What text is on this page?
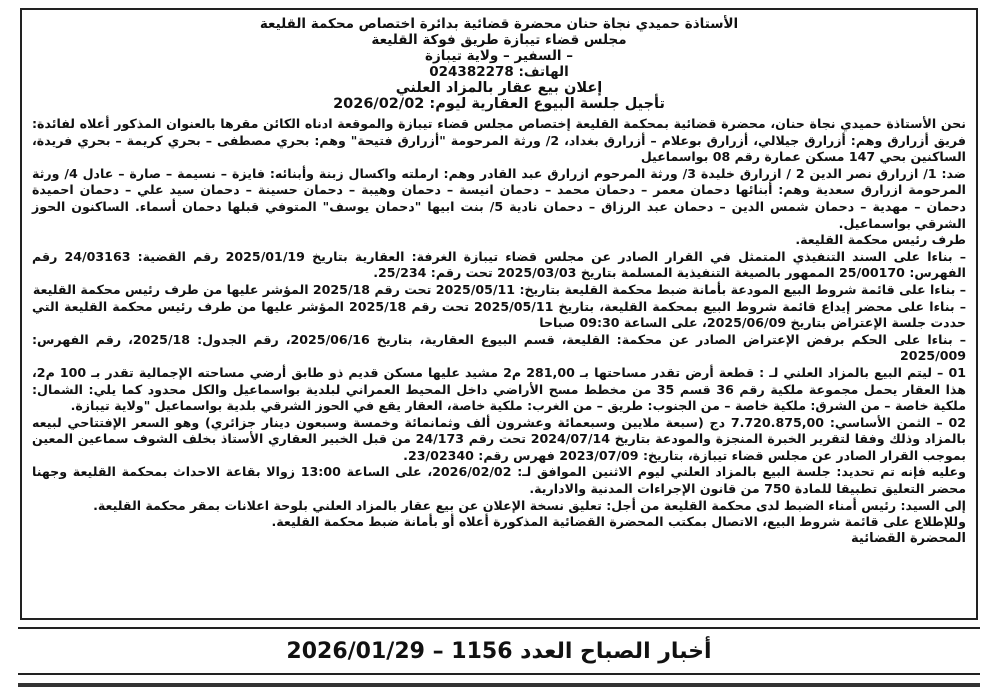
الأستاذة حميدي نجاة حنان محضرة قضائية بدائرة اختصاص محكمة القليعة

مجلس قضاء تيبازة طريق فوكة القليعة

– السفير – ولاية تيبازة

الهاتف: 024382278

إعلان بيع عقار بالمزاد العلني

تأجيل جلسة البيوع العقارية ليوم: 2026/02/02

نحن الأستاذة حميدي نجاة حنان، محضرة قضائية بمحكمة القليعة إختصاص مجلس قضاء تيبازة والموقعة ادناه الكائن مقرها بالعنوان المذكور أعلاه لفائدة: فريق أزرارق وهم: أزرارق جيلالي، أزرارق بوعلام – أزرارق بغداد، 2/ ورثة المرحومة "أزرارق فتيحة" وهم: بحري مصطفى – بحري كريمة – بحري فريدة، الساكنين بحي 147 مسكن عمارة رقم 08 بواسماعيل

ضد: 1/ ازرارق نصر الدين 2 / ازرارق خليدة 3/ ورثة المرحوم ازرارق عبد القادر وهم: ارملته واكسال زبنة وأبنائه: فايزة – نسيمة – صارة – عادل 4/ ورثة المرحومة ازرارق سعدية وهم: أبنائها دحمان معمر – دحمان محمد – دحمان انيسة – دحمان وهيبة – دحمان حسينة – دحمان سيد علي – دحمان احميدة دحمان – مهدية – دحمان شمس الدين – دحمان عبد الرزاق – دحمان نادية 5/ بنت ابيها "دحمان يوسف" المتوفي قبلها دحمان أسماء. الساكنون الحوز الشرقي بواسماعيل.

طرف رئيس محكمة القليعة.

– بناءا على السند التنفيذي المتمثل في القرار الصادر عن مجلس قضاء تيبازة الغرفة: العقارية بتاريخ 2025/01/19 رقم القضية: 24/03163 رقم الفهرس: 25/00170 الممهور بالصيغة التنفيذية المسلمة بتاريخ 2025/03/03 تحت رقم: 25/234.

– بناءا على قائمة شروط البيع المودعة بأمانة ضبط محكمة القليعة بتاريخ: 2025/05/11 تحت رقم 2025/18 المؤشر عليها من طرف رئيس محكمة القليعة

– بناءا على محضر إيداع قائمة شروط البيع بمحكمة القليعة، بتاريخ 2025/05/11 تحت رقم 2025/18 المؤشر عليها من طرف رئيس محكمة القليعة التي حددت جلسة الإعتراض بتاريخ 2025/06/09، على الساعة 09:30 صباحا

– بناءا على الحكم برفض الإعتراض الصادر عن محكمة: القليعة، قسم البيوع العقارية، بتاريخ 2025/06/16، رقم الجدول: 2025/18، رقم الفهرس: 2025/009

01 – ليتم البيع بالمزاد العلني لـ : قطعة أرض تقدر مساحتها بـ 281,00 م2 مشيد عليها مسكن قديم ذو طابق أرضي مساحته الإجمالية تقدر بـ 100 م2، هذا العقار يحمل مجموعة ملكية رقم 36 قسم 35 من مخطط مسح الأراضي داخل المحيط العمراني لبلدية بواسماعيل والكل محدود كما يلي: الشمال: ملكية خاصة – من الشرق: ملكية خاصة – من الجنوب: طريق – من الغرب: ملكية خاصة، العقار يقع في الحوز الشرقي بلدية بواسماعيل "ولاية تيبازة.

02 – الثمن الأساسي: 7.720.875,00 دج (سبعة ملايين وسبعمائة وعشرون ألف وثمانمائة وخمسة وسبعون دينار جزائري) وهو السعر الإفتتاحي لبيعه بالمزاد وذلك وفقا لتقرير الخبرة المنجزة والمودعة بتاريخ 2024/07/14 تحت رقم 24/173 من قبل الخبير العقاري الأستاذ بخلف الشوف سماعين المعين بموجب القرار الصادر عن مجلس قضاء تيبازة، بتاريخ: 2023/07/09 فهرس رقم: 23/02340.

وعليه فإنه تم تحديد: جلسة البيع بالمزاد العلني ليوم الاثنين الموافق لـ: 2026/02/02، على الساعة 13:00 زوالا بقاعة الاحداث بمحكمة القليعة وجهنا محضر التعليق تطبيقا للمادة 750 من قانون الإجراءات المدنية والادارية.

إلى السيد: رئيس أمناء الضبط لدى محكمة القليعة من أجل: تعليق نسخة الإعلان عن بيع عقار بالمزاد العلني بلوحة اعلانات بمقر محكمة القليعة.

وللإطلاع على قائمة شروط البيع، الاتصال بمكتب المحضرة القضائية المذكورة أعلاه أو بأمانة ضبط محكمة القليعة.

المحضرة القضائية

أخبار الصباح العدد 1156 – 2026/01/29
